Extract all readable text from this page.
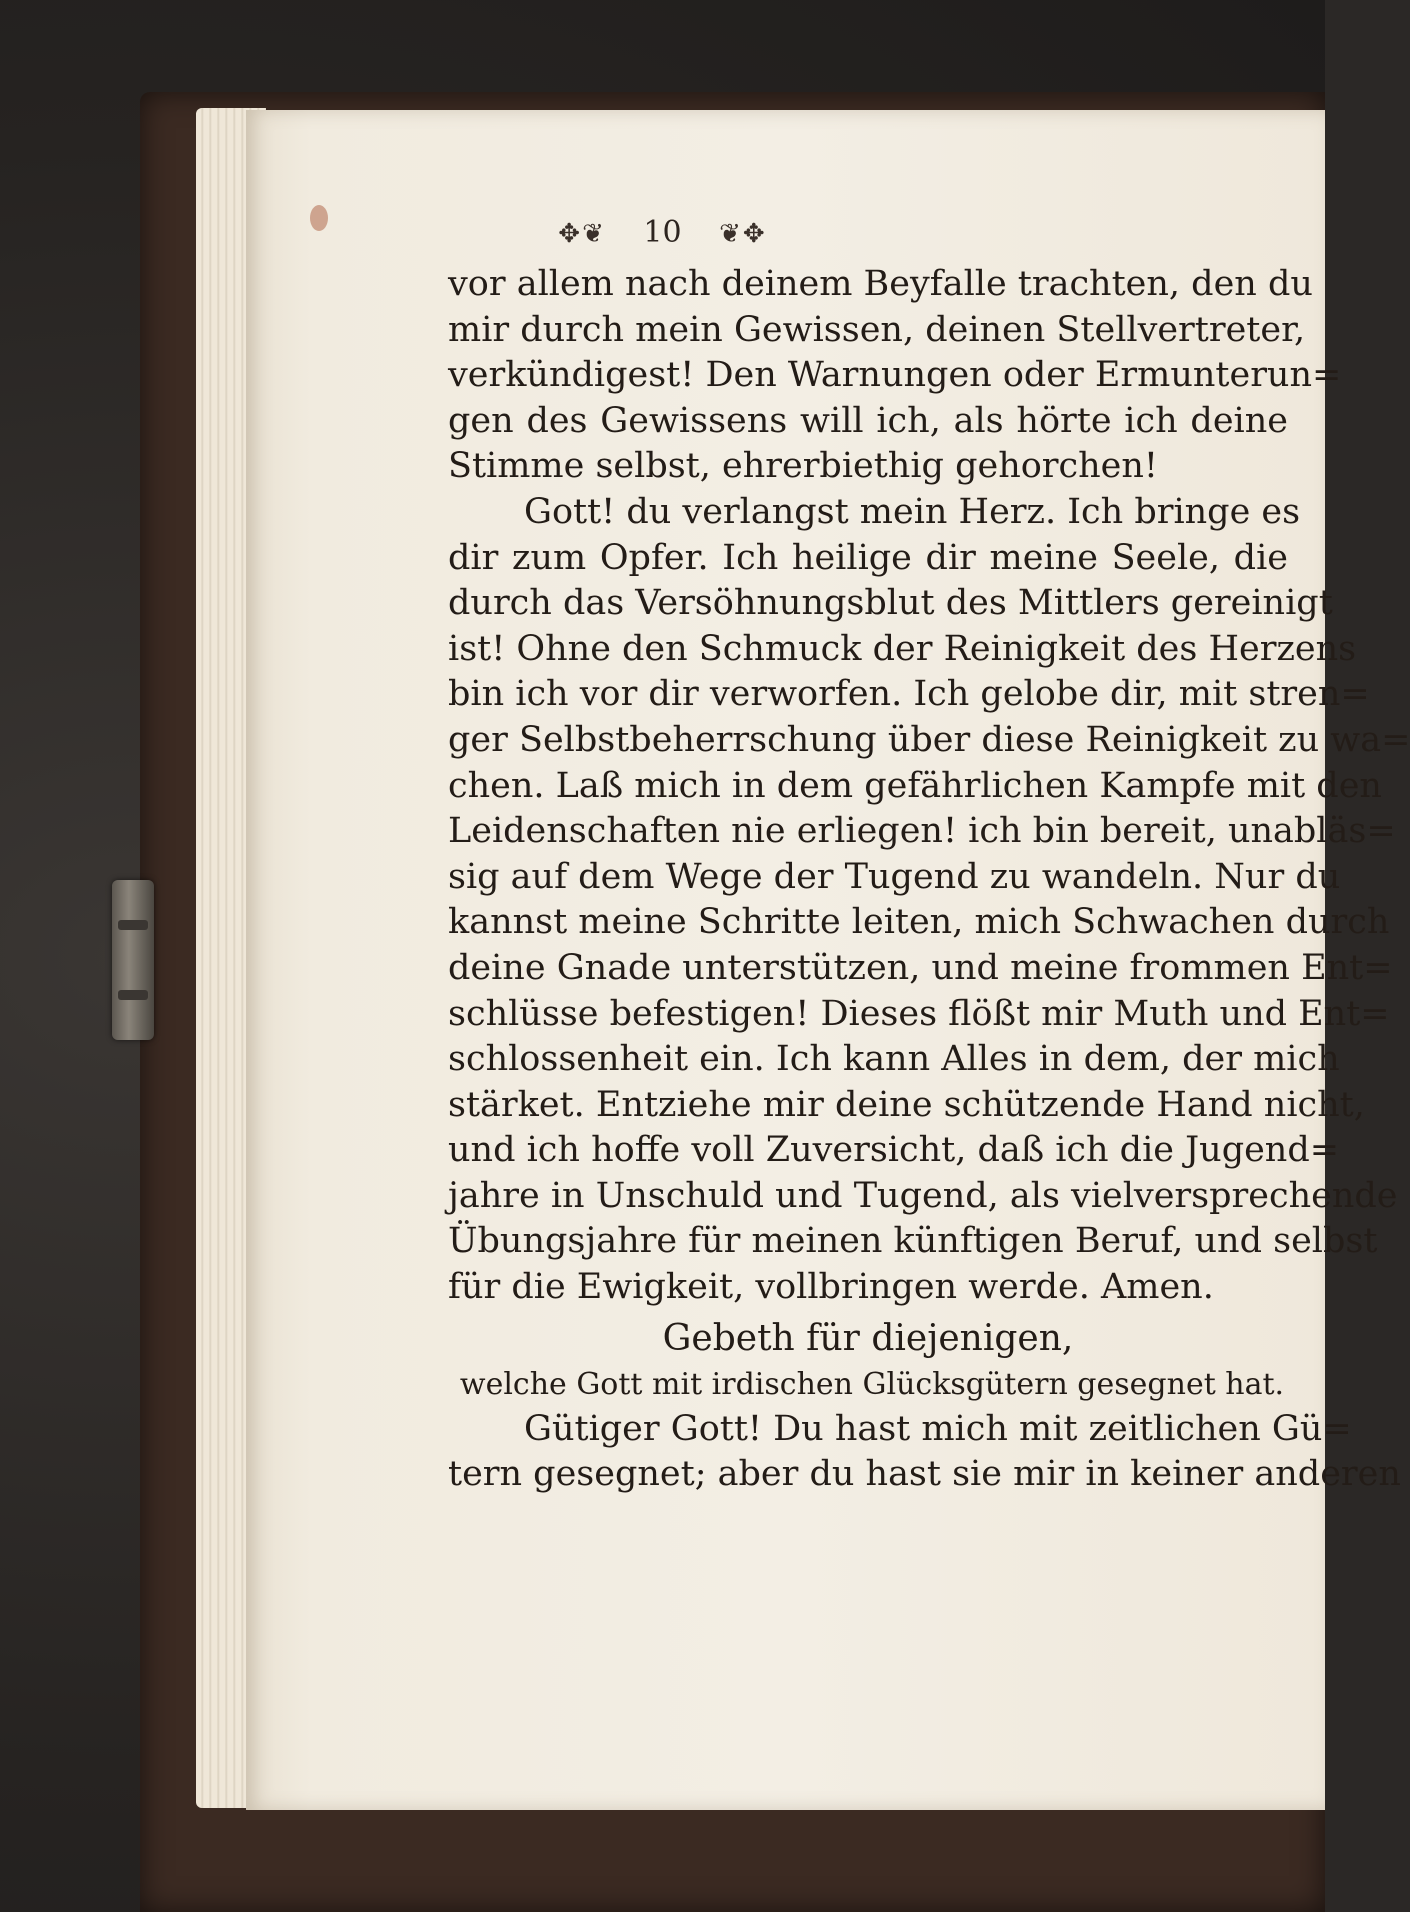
✥❦ 10 ❦✥
vor allem nach deinem Beyfalle trachten, den du
mir durch mein Gewissen, deinen Stellvertreter,
verkündigest! Den Warnungen oder Ermunterun=
gen des Gewissens will ich, als hörte ich deine
Stimme selbst, ehrerbiethig gehorchen!
Gott! du verlangst mein Herz. Ich bringe es
dir zum Opfer. Ich heilige dir meine Seele, die
durch das Versöhnungsblut des Mittlers gereinigt
ist! Ohne den Schmuck der Reinigkeit des Herzens
bin ich vor dir verworfen. Ich gelobe dir, mit stren=
ger Selbstbeherrschung über diese Reinigkeit zu wa=
chen. Laß mich in dem gefährlichen Kampfe mit den
Leidenschaften nie erliegen! ich bin bereit, unabläs=
sig auf dem Wege der Tugend zu wandeln. Nur du
kannst meine Schritte leiten, mich Schwachen durch
deine Gnade unterstützen, und meine frommen Ent=
schlüsse befestigen! Dieses flößt mir Muth und Ent=
schlossenheit ein. Ich kann Alles in dem, der mich
stärket. Entziehe mir deine schützende Hand nicht,
und ich hoffe voll Zuversicht, daß ich die Jugend=
jahre in Unschuld und Tugend, als vielversprechende
Übungsjahre für meinen künftigen Beruf, und selbst
für die Ewigkeit, vollbringen werde. Amen.
Gebeth für diejenigen,
welche Gott mit irdischen Glücksgütern gesegnet hat.
Gütiger Gott! Du hast mich mit zeitlichen Gü=
tern gesegnet; aber du hast sie mir in keiner anderen
